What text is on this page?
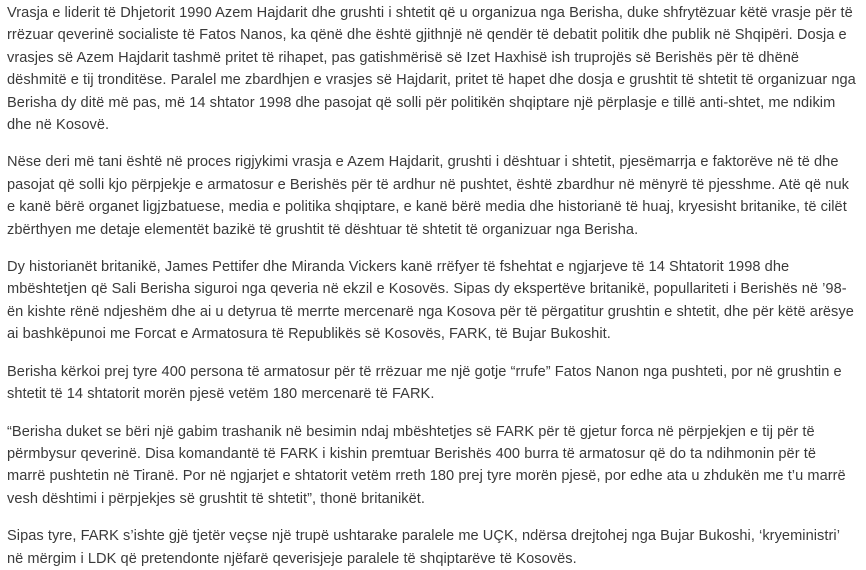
Vrasja e liderit të Dhjetorit 1990 Azem Hajdarit dhe grushti i shtetit që u organizua nga Berisha, duke shfrytëzuar këtë vrasje për të rrëzuar qeverinë socialiste të Fatos Nanos, ka qënë dhe është gjithnjë në qendër të debatit politik dhe publik në Shqipëri. Dosja e vrasjes së Azem Hajdarit tashmë pritet të rihapet, pas gatishmërisë së Izet Haxhisë ish truprojës së Berishës për të dhënë dëshmitë e tij tronditëse. Paralel me zbardhjen e vrasjes së Hajdarit, pritet të hapet dhe dosja e grushtit të shtetit të organizuar nga Berisha dy ditë më pas, më 14 shtator 1998 dhe pasojat që solli për politikën shqiptare një përplasje e tillë anti-shtet, me ndikim dhe në Kosovë.

Nëse deri më tani është në proces rigjykimi vrasja e Azem Hajdarit, grushti i dështuar i shtetit, pjesëmarrja e faktorëve në të dhe pasojat që solli kjo përpjekje e armatosur e Berishës për të ardhur në pushtet, është zbardhur në mënyrë të pjesshme. Atë që nuk e kanë bërë organet ligjzbatuese, media e politika shqiptare, e kanë bërë media dhe historianë të huaj, kryesisht britanike, të cilët zbërthyen me detaje elementët bazikë të grushtit të dështuar të shtetit të organizuar nga Berisha.

Dy historianët britanikë, James Pettifer dhe Miranda Vickers kanë rrëfyer të fshehtat e ngjarjeve të 14 Shtatorit 1998 dhe mbështetjen që Sali Berisha siguroi nga qeveria në ekzil e Kosovës. Sipas dy ekspertëve britanikë, popullariteti i Berishës në ’98-ën kishte rënë ndjeshëm dhe ai u detyrua të merrte mercenarë nga Kosova për të përgatitur grushtin e shtetit, dhe për këtë arësye ai bashkëpunoi me Forcat e Armatosura të Republikës së Kosovës, FARK, të Bujar Bukoshit.

Berisha kërkoi prej tyre 400 persona të armatosur për të rrëzuar me një gotje “rrufe” Fatos Nanon nga pushteti, por në grushtin e shtetit të 14 shtatorit morën pjesë vetëm 180 mercenarë të FARK.

“Berisha duket se bëri një gabim trashanik në besimin ndaj mbështetjes së FARK për të gjetur forca në përpjekjen e tij për të përmbysur qeverinë. Disa komandantë të FARK i kishin premtuar Berishës 400 burra të armatosur që do ta ndihmonin për të marrë pushtetin në Tiranë. Por në ngjarjet e shtatorit vetëm rreth 180 prej tyre morën pjesë, por edhe ata u zhdukën me t’u marrë vesh dështimi i përpjekjes së grushtit të shtetit”, thonë britanikët.

Sipas tyre, FARK s’ishte gjë tjetër veçse një trupë ushtarake paralele me UÇK, ndërsa drejtohej nga Bujar Bukoshi, ‘kryeministri’ në mërgim i LDK që pretendonte njëfarë qeverisjeje paralele të shqiptarëve të Kosovës.
